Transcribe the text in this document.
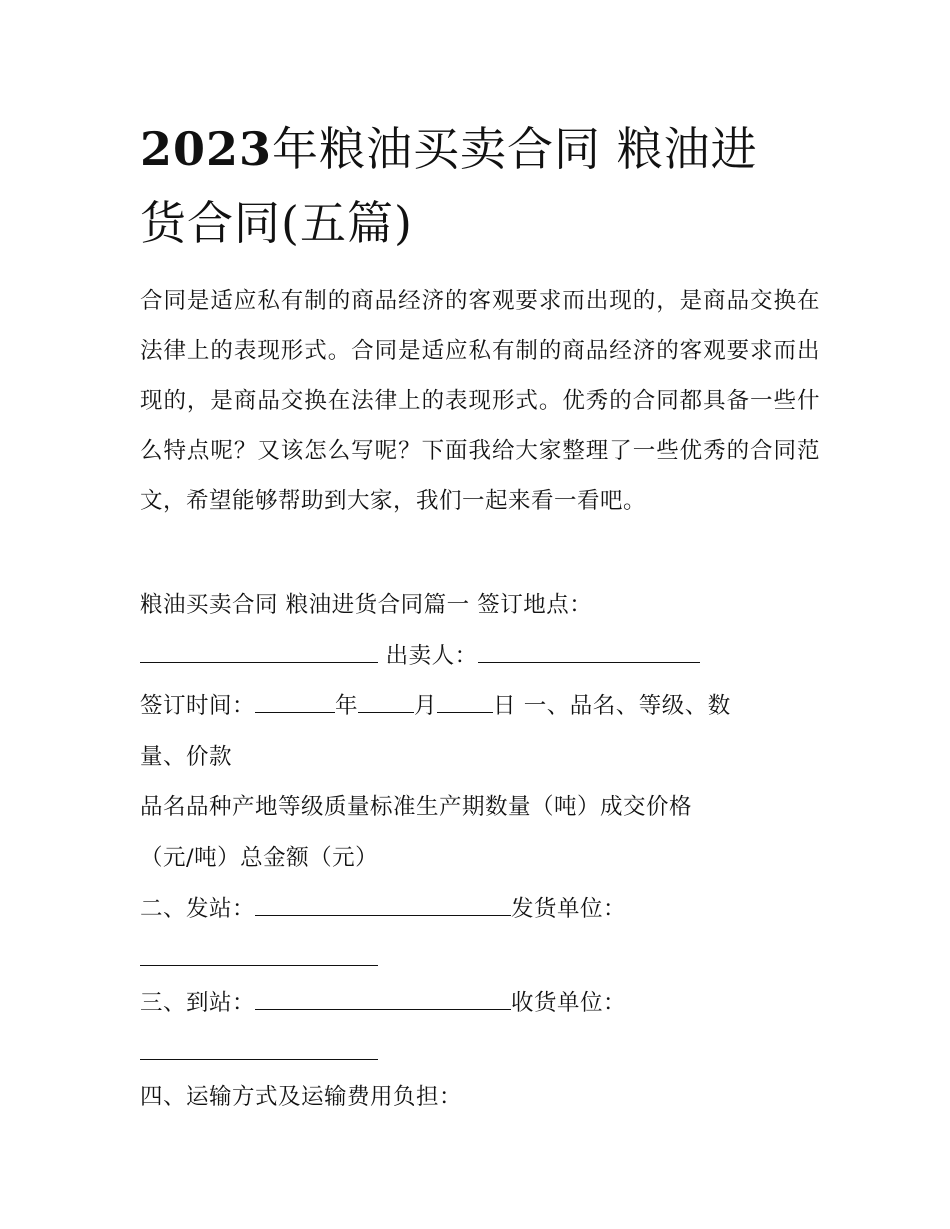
2023年粮油买卖合同 粮油进
货合同(五篇)

合同是适应私有制的商品经济的客观要求而出现的，是商品交换在法律上的表现形式。合同是适应私有制的商品经济的客观要求而出现的，是商品交换在法律上的表现形式。优秀的合同都具备一些什么特点呢？又该怎么写呢？下面我给大家整理了一些优秀的合同范文，希望能够帮助到大家，我们一起来看一看吧。

粮油买卖合同 粮油进货合同篇一 签订地点：

出卖人：

签订时间：	年 月 日 一、品名、等级、数

量、价款

品名品种产地等级质量标准生产期数量（吨）成交价格

（元/吨）总金额（元）

二、发站：	发货单位：

三、到站：	收货单位：

四、运输方式及运输费用负担：
